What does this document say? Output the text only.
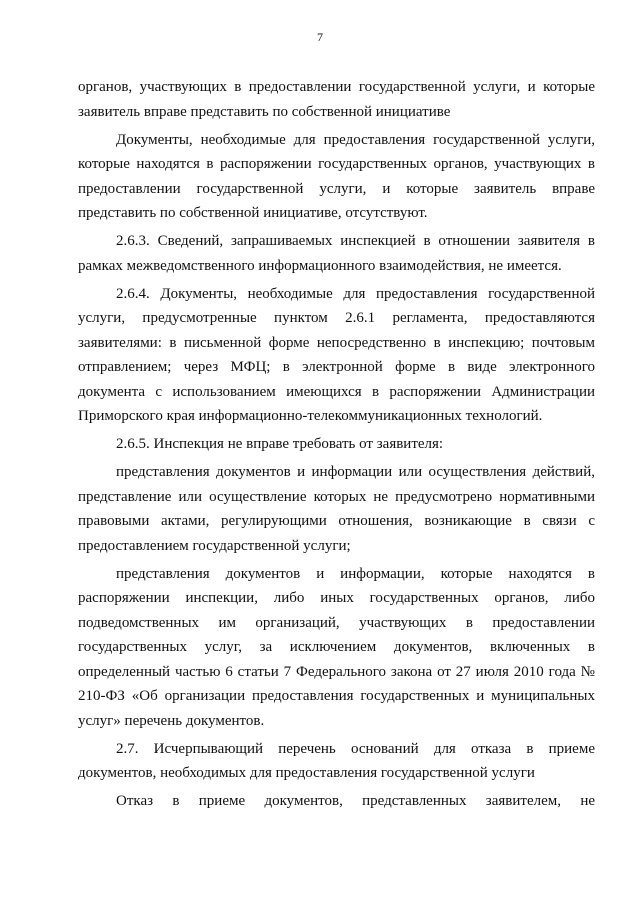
7

органов, участвующих в предоставлении государственной услуги, и которые заявитель вправе представить по собственной инициативе

Документы, необходимые для предоставления государственной услуги, которые находятся в распоряжении государственных органов, участвующих в предоставлении государственной услуги, и которые заявитель вправе представить по собственной инициативе, отсутствуют.

2.6.3. Сведений, запрашиваемых инспекцией в отношении заявителя в рамках межведомственного информационного взаимодействия, не имеется.

2.6.4. Документы, необходимые для предоставления государственной услуги, предусмотренные пунктом 2.6.1 регламента, предоставляются заявителями: в письменной форме непосредственно в инспекцию; почтовым отправлением; через МФЦ; в электронной форме в виде электронного документа с использованием имеющихся в распоряжении Администрации Приморского края информационно-телекоммуникационных технологий.

2.6.5. Инспекция не вправе требовать от заявителя:

представления документов и информации или осуществления действий, представление или осуществление которых не предусмотрено нормативными правовыми актами, регулирующими отношения, возникающие в связи с предоставлением государственной услуги;

представления документов и информации, которые находятся в распоряжении инспекции, либо иных государственных органов, либо подведомственных им организаций, участвующих в предоставлении государственных услуг, за исключением документов, включенных в определенный частью 6 статьи 7 Федерального закона от 27 июля 2010 года № 210-ФЗ «Об организации предоставления государственных и муниципальных услуг» перечень документов.

2.7. Исчерпывающий перечень оснований для отказа в приеме документов, необходимых для предоставления государственной услуги

Отказ в приеме документов, представленных заявителем, не
